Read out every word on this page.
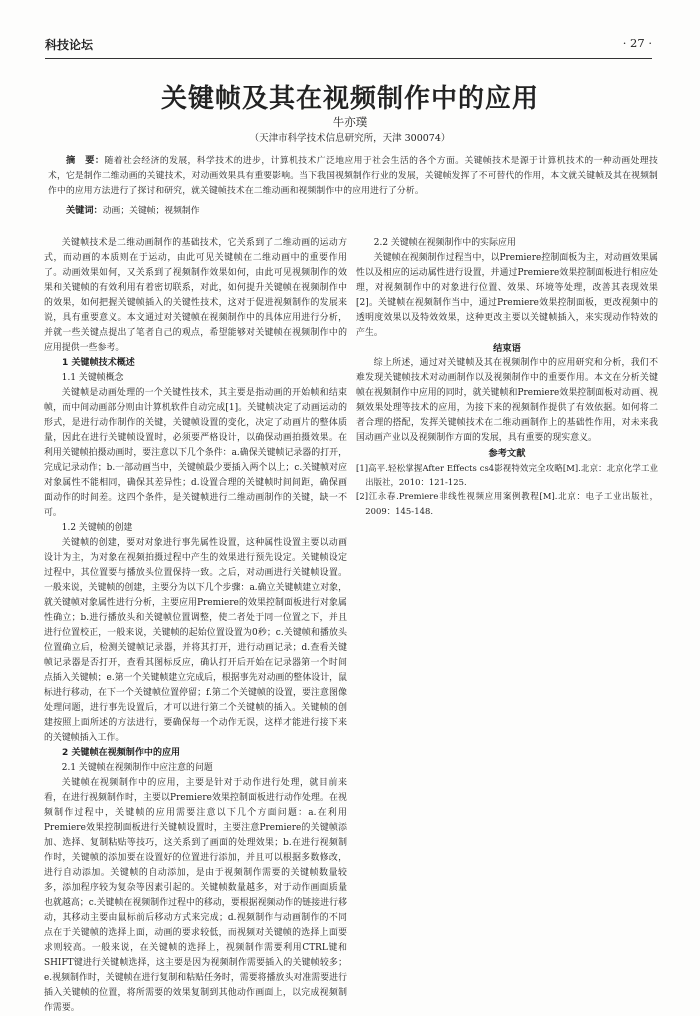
科技论坛	· 27 ·
关键帧及其在视频制作中的应用
牛亦璞
（天津市科学技术信息研究所，天津 300074）
摘　要：随着社会经济的发展，科学技术的进步，计算机技术广泛地应用于社会生活的各个方面。关键帧技术是源于计算机技术的一种动画处理技术，它是制作二维动画的关键技术，对动画效果具有重要影响。当下我国视频制作行业的发展，关键帧发挥了不可替代的作用，本文就关键帧及其在视频制作中的应用方法进行了探讨和研究，就关键帧技术在二维动画和视频制作中的应用进行了分析。
关键词：动画；关键帧；视频制作

关键帧技术是二维动画制作的基础技术，它关系到了二维动画的运动方式，而动画的本质则在于运动，由此可见关键帧在二维动画中的重要作用了。动画效果如何，又关系到了视频制作效果如何，由此可见视频制作的效果和关键帧的有效利用有着密切联系，对此，如何提升关键帧在视频制作中的效果，如何把握关键帧插入的关键性技术，这对于促进视频制作的发展来说，具有重要意义。本文通过对关键帧在视频制作中的具体应用进行分析，并就一些关键点提出了笔者自己的观点，希望能够对关键帧在视频制作中的应用提供一些参考。

1 关键帧技术概述
1.1 关键帧概念

关键帧是动画处理的一个关键性技术，其主要是指动画的开始帧和结束帧，而中间动画部分则由计算机软件自动完成[1]。关键帧决定了动画运动的形式，是进行动作制作的关键，关键帧设置的变化，决定了动画片的整体质量，因此在进行关键帧设置时，必须要严格设计，以确保动画拍摄效果。在利用关键帧拍摄动画时，要注意以下几个条件：a.确保关键帧记录器的打开，完成记录动作；b.一部动画当中，关键帧最少要插入两个以上；c.关键帧对应对象属性不能相同，确保其差异性；d.设置合理的关键帧时间间距，确保画面动作的时间差。这四个条件，是关键帧进行二维动画制作的关键，缺一不可。

1.2 关键帧的创建

关键帧的创建，要对对象进行事先属性设置，这种属性设置主要以动画设计为主，为对象在视频拍摄过程中产生的效果进行预先设定。关键帧设定过程中，其位置要与播放头位置保持一致。之后，对动画进行关键帧设置。一般来说，关键帧的创建，主要分为以下几个步骤：a.确立关键帧建立对象，就关键帧对象属性进行分析，主要应用Premiere的效果控制面板进行对象属性确立；b.进行播放头和关键帧位置调整，使二者处于同一位置之下，并且进行位置校正，一般来说，关键帧的起始位置设置为0秒；c.关键帧和播放头位置确立后，检测关键帧记录器，并将其打开，进行动画记录；d.查看关键帧记录器是否打开，查看其图标反应，确认打开后开始在记录器第一个时间点插入关键帧；e.第一个关键帧建立完成后，根据事先对动画的整体设计，鼠标进行移动，在下一个关键帧位置停留；f.第二个关键帧的设置，要注意图像处理问题，进行事先设置后，才可以进行第二个关键帧的插入。关键帧的创建按照上面所述的方法进行，要确保每一个动作无误，这样才能进行接下来的关键帧插入工作。

2 关键帧在视频制作中的应用
2.1 关键帧在视频制作中应注意的问题

关键帧在视频制作中的应用，主要是针对于动作进行处理，就目前来看，在进行视频制作时，主要以Premiere效果控制面板进行动作处理。在视频制作过程中，关键帧的应用需要注意以下几个方面问题：a.在利用Premiere效果控制面板进行关键帧设置时，主要注意Premiere的关键帧添加、选择、复制粘贴等技巧，这关系到了画面的处理效果；b.在进行视频制作时，关键帧的添加要在设置好的位置进行添加，并且可以根据多数修改，进行自动添加。关键帧的自动添加，是由于视频制作需要的关键帧数量较多，添加程序较为复杂等因素引起的。关键帧数量越多，对于动作画面质量也就越高；c.关键帧在视频制作过程中的移动，要根据视频动作的链接进行移动，其移动主要由鼠标前后移动方式来完成；d.视频制作与动画制作的不同点在于关键帧的选择上面，动画的要求较低，而视频对关键帧的选择上面要求则较高。一般来说，在关键帧的选择上，视频制作需要利用CTRL键和SHIFT键进行关键帧选择，这主要是因为视频制作需要插入的关键帧较多；e.视频制作时，关键帧在进行复制和粘贴任务时，需要将播放头对准需要进行插入关键帧的位置，将所需要的效果复制到其他动作画面上，以完成视频制作需要。

2.2 关键帧在视频制作中的实际应用

关键帧在视频制作过程当中，以Premiere控制面板为主，对动画效果属性以及相应的运动属性进行设置，并通过Premiere效果控制面板进行相应处理，对视频制作中的对象进行位置、效果、环境等处理，改善其表现效果[2]。关键帧在视频制作当中，通过Premiere效果控制面板，更改视频中的透明度效果以及特效效果，这种更改主要以关键帧插入，来实现动作特效的产生。

结束语

综上所述，通过对关键帧及其在视频制作中的应用研究和分析，我们不难发现关键帧技术对动画制作以及视频制作中的重要作用。本文在分析关键帧在视频制作中应用的同时，就关键帧和Premiere效果控制面板对动画、视频效果处理等技术的应用，为接下来的视频制作提供了有效依据。如何将二者合理的搭配，发挥关键帧技术在二维动画制作上的基础性作用，对未来我国动画产业以及视频制作方面的发展，具有重要的现实意义。

参考文献
[1]高平.轻松掌握After Effects cs4影视特效完全攻略[M].北京：北京化学工业出版社，2010：121-125.
[2]江永春.Premiere非线性视频应用案例教程[M].北京：电子工业出版社，2009：145-148.
